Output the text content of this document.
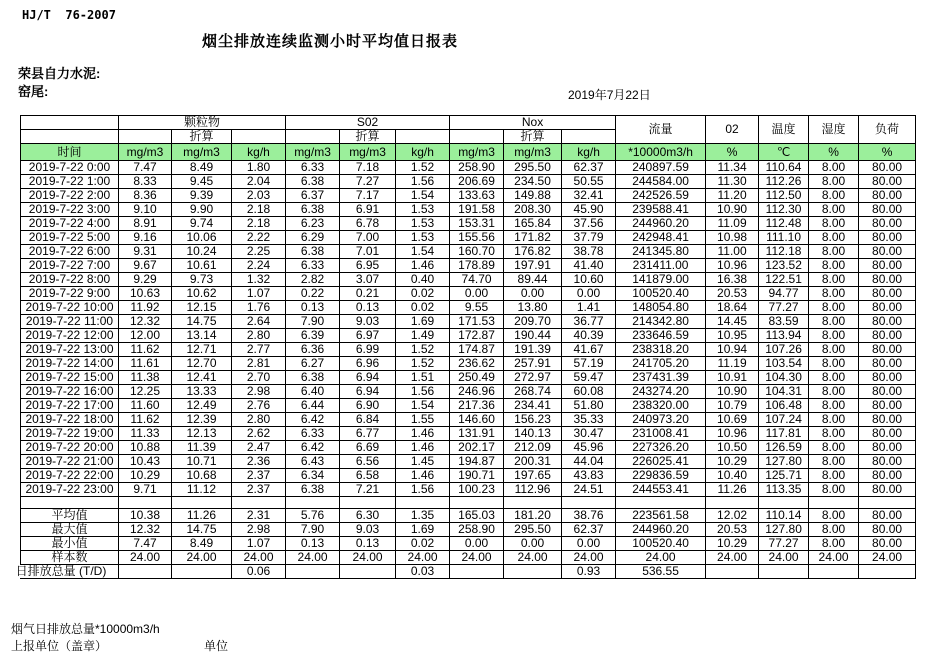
HJ/T  76-2007
烟尘排放连续监测小时平均值日报表
荣县自力水泥:
窑尾:	2019年7月22日
	颗粒物			S02			Nox			流量	02	温度	湿度	负荷
		折算			折算			折算						
时间	mg/m3	mg/m3	kg/h	mg/m3	mg/m3	kg/h	mg/m3	mg/m3	kg/h	*10000m3/h	%	℃	%	%
2019-7-22 0:00	7.47	8.49	1.80	6.33	7.18	1.52	258.90	295.50	62.37	240897.59	11.34	110.64	8.00	80.00
2019-7-22 1:00	8.33	9.45	2.04	6.38	7.27	1.56	206.69	234.50	50.55	244584.00	11.30	112.26	8.00	80.00
2019-7-22 2:00	8.36	9.39	2.03	6.37	7.17	1.54	133.63	149.88	32.41	242526.59	11.20	112.50	8.00	80.00
2019-7-22 3:00	9.10	9.90	2.18	6.38	6.91	1.53	191.58	208.30	45.90	239588.41	10.90	112.30	8.00	80.00
2019-7-22 4:00	8.91	9.74	2.18	6.23	6.78	1.53	153.31	165.84	37.56	244960.20	11.09	112.48	8.00	80.00
2019-7-22 5:00	9.16	10.06	2.22	6.29	7.00	1.53	155.56	171.82	37.79	242948.41	10.98	111.10	8.00	80.00
2019-7-22 6:00	9.31	10.24	2.25	6.38	7.01	1.54	160.70	176.82	38.78	241345.80	11.00	112.18	8.00	80.00
2019-7-22 7:00	9.67	10.61	2.24	6.33	6.95	1.46	178.89	197.91	41.40	231411.00	10.96	123.52	8.00	80.00
2019-7-22 8:00	9.29	9.73	1.32	2.82	3.07	0.40	74.70	89.44	10.60	141879.00	16.38	122.51	8.00	80.00
2019-7-22 9:00	10.63	10.62	1.07	0.22	0.21	0.02	0.00	0.00	0.00	100520.40	20.53	94.77	8.00	80.00
2019-7-22 10:00	11.92	12.15	1.76	0.13	0.13	0.02	9.55	13.80	1.41	148054.80	18.64	77.27	8.00	80.00
2019-7-22 11:00	12.32	14.75	2.64	7.90	9.03	1.69	171.53	209.70	36.77	214342.80	14.45	83.59	8.00	80.00
2019-7-22 12:00	12.00	13.14	2.80	6.39	6.97	1.49	172.87	190.44	40.39	233646.59	10.95	113.94	8.00	80.00
2019-7-22 13:00	11.62	12.71	2.77	6.36	6.99	1.52	174.87	191.39	41.67	238318.20	10.94	107.26	8.00	80.00
2019-7-22 14:00	11.61	12.70	2.81	6.27	6.96	1.52	236.62	257.91	57.19	241705.20	11.19	103.54	8.00	80.00
2019-7-22 15:00	11.38	12.41	2.70	6.38	6.94	1.51	250.49	272.97	59.47	237431.39	10.91	104.30	8.00	80.00
2019-7-22 16:00	12.25	13.33	2.98	6.40	6.94	1.56	246.96	268.74	60.08	243274.20	10.90	104.31	8.00	80.00
2019-7-22 17:00	11.60	12.49	2.76	6.44	6.90	1.54	217.36	234.41	51.80	238320.00	10.79	106.48	8.00	80.00
2019-7-22 18:00	11.62	12.39	2.80	6.42	6.84	1.55	146.60	156.23	35.33	240973.20	10.69	107.24	8.00	80.00
2019-7-22 19:00	11.33	12.13	2.62	6.33	6.77	1.46	131.91	140.13	30.47	231008.41	10.96	117.81	8.00	80.00
2019-7-22 20:00	10.88	11.39	2.47	6.42	6.69	1.46	202.17	212.09	45.96	227326.20	10.50	126.59	8.00	80.00
2019-7-22 21:00	10.43	10.71	2.36	6.43	6.56	1.45	194.87	200.31	44.04	226025.41	10.29	127.80	8.00	80.00
2019-7-22 22:00	10.29	10.68	2.37	6.34	6.58	1.46	190.71	197.65	43.83	229836.59	10.40	125.71	8.00	80.00
2019-7-22 23:00	9.71	11.12	2.37	6.38	7.21	1.56	100.23	112.96	24.51	244553.41	11.26	113.35	8.00	80.00

平均值	10.38	11.26	2.31	5.76	6.30	1.35	165.03	181.20	38.76	223561.58	12.02	110.14	8.00	80.00
最大值	12.32	14.75	2.98	7.90	9.03	1.69	258.90	295.50	62.37	244960.20	20.53	127.80	8.00	80.00
最小值	7.47	8.49	1.07	0.13	0.13	0.02	0.00	0.00	0.00	100520.40	10.29	77.27	8.00	80.00
样本数	24.00	24.00	24.00	24.00	24.00	24.00	24.00	24.00	24.00	24.00	24.00	24.00	24.00	24.00
日排放总量 (T/D)			0.06			0.03			0.93	536.55				
烟气日排放总量*10000m3/h
上报单位（盖章）	单位
